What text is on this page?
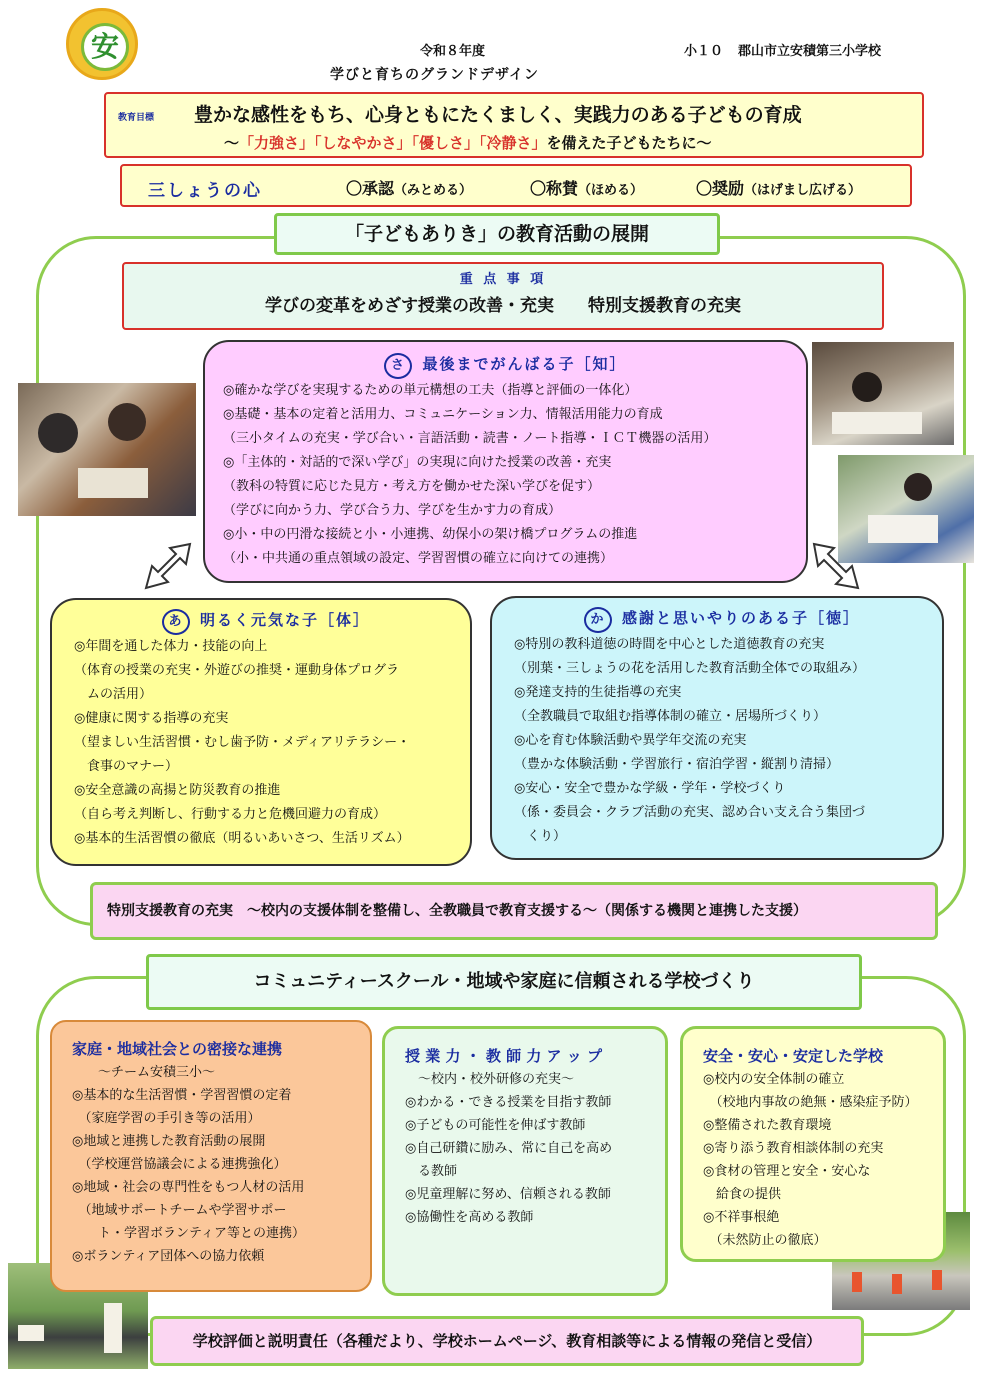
安	令和８年度	小１０ 郡山市立安積第三小学校
学びと育ちのグランドデザイン
教育目標 豊かな感性をもち、心身ともにたくましく、実践力のある子どもの育成
～「力強さ」「しなやかさ」「優しさ」「冷静さ」を備えた子どもたちに～
三しょうの心	〇承認（みとめる）	〇称賛（ほめる）	〇奨励（はげまし広げる）
「子どもありき」の教育活動の展開
重 点 事 項
学びの変革をめざす授業の改善・充実　　特別支援教育の充実
さ 最後までがんばる子［知］
◎確かな学びを実現するための単元構想の工夫（指導と評価の一体化）
◎基礎・基本の定着と活用力、コミュニケーション力、情報活用能力の育成
（三小タイムの充実・学び合い・言語活動・読書・ノート指導・ＩＣＴ機器の活用）
◎「主体的・対話的で深い学び」の実現に向けた授業の改善・充実
（教科の特質に応じた見方・考え方を働かせた深い学びを促す）
（学びに向かう力、学び合う力、学びを生かす力の育成）
◎小・中の円滑な接続と小・小連携、幼保小の架け橋プログラムの推進
（小・中共通の重点領域の設定、学習習慣の確立に向けての連携）
あ 明るく元気な子［体］
◎年間を通した体力・技能の向上
（体育の授業の充実・外遊びの推奨・運動身体プログラ
　ムの活用）
◎健康に関する指導の充実
（望ましい生活習慣・むし歯予防・メディアリテラシー・
　食事のマナー）
◎安全意識の高揚と防災教育の推進
（自ら考え判断し、行動する力と危機回避力の育成）
◎基本的生活習慣の徹底（明るいあいさつ、生活リズム）
か 感謝と思いやりのある子［徳］
◎特別の教科道徳の時間を中心とした道徳教育の充実
（別葉・三しょうの花を活用した教育活動全体での取組み）
◎発達支持的生徒指導の充実
（全教職員で取組む指導体制の確立・居場所づくり）
◎心を育む体験活動や異学年交流の充実
（豊かな体験活動・学習旅行・宿泊学習・縦割り清掃）
◎安心・安全で豊かな学級・学年・学校づくり
（係・委員会・クラブ活動の充実、認め合い支え合う集団づ
　くり）
特別支援教育の充実　～校内の支援体制を整備し、全教職員で教育支援する～（関係する機関と連携した支援）
コミュニティースクール・地域や家庭に信頼される学校づくり
家庭・地域社会との密接な連携
　　～チーム安積三小～
◎基本的な生活習慣・学習習慣の定着
　（家庭学習の手引き等の活用）
◎地域と連携した教育活動の展開
　（学校運営協議会による連携強化）
◎地域・社会の専門性をもつ人材の活用
　（地域サポートチームや学習サポー
　　ト・学習ボランティア等との連携）
◎ボランティア団体への協力依頼
授 業 力 ・ 教 師 力 ア ッ プ
　～校内・校外研修の充実～
◎わかる・できる授業を目指す教師
◎子どもの可能性を伸ばす教師
◎自己研鑽に励み、常に自己を高め
　る教師
◎児童理解に努め、信頼される教師
◎協働性を高める教師
安全・安心・安定した学校
◎校内の安全体制の確立
　（校地内事故の絶無・感染症予防）
◎整備された教育環境
◎寄り添う教育相談体制の充実
◎食材の管理と安全・安心な
　給食の提供
◎不祥事根絶
　（未然防止の徹底）
学校評価と説明責任（各種だより、学校ホームページ、教育相談等による情報の発信と受信）
